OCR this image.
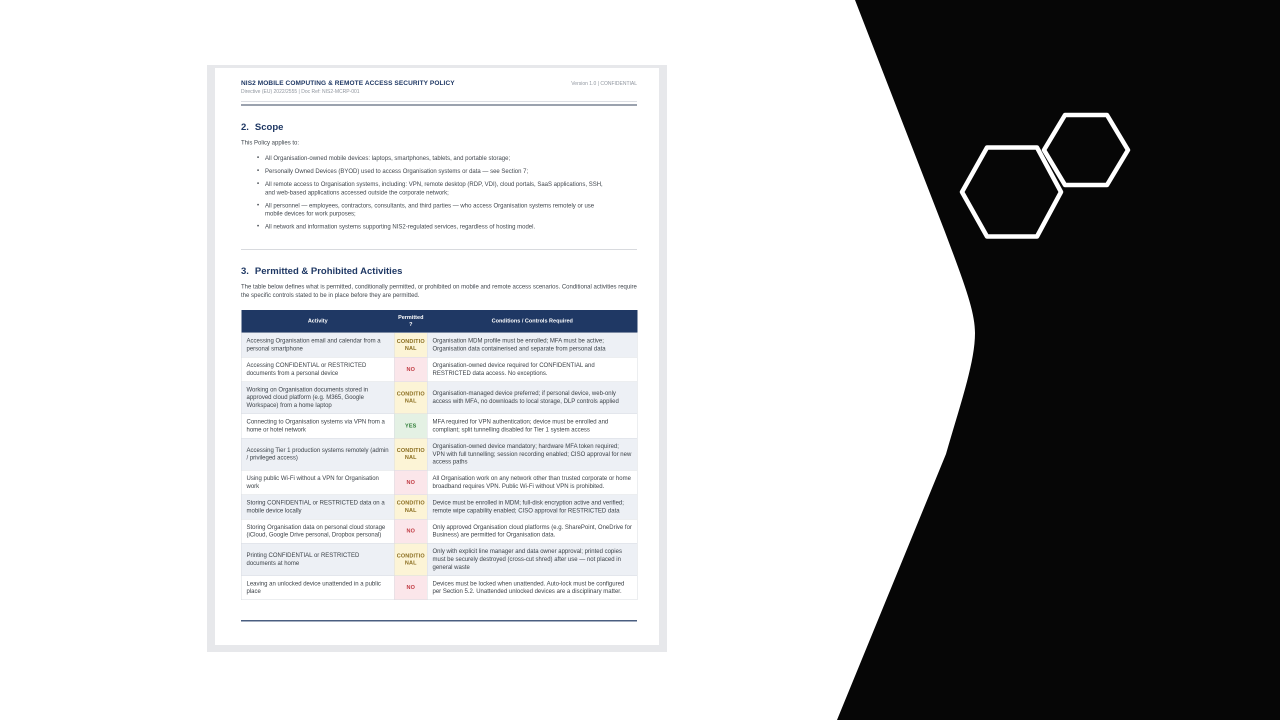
NIS2 MOBILE COMPUTING & REMOTE ACCESS SECURITY POLICY
Directive (EU) 2022/2555 | Doc Ref: NIS2-MCRP-001
Version 1.0 | CONFIDENTIAL
2. Scope

This Policy applies to:

• All Organisation-owned mobile devices: laptops, smartphones, tablets, and portable storage;
• Personally Owned Devices (BYOD) used to access Organisation systems or data — see Section 7;
• All remote access to Organisation systems, including: VPN, remote desktop (RDP, VDI), cloud portals, SaaS applications, SSH, and web-based applications accessed outside the corporate network;
• All personnel — employees, contractors, consultants, and third parties — who access Organisation systems remotely or use mobile devices for work purposes;
• All network and information systems supporting NIS2-regulated services, regardless of hosting model.
3. Permitted & Prohibited Activities

The table below defines what is permitted, conditionally permitted, or prohibited on mobile and remote access scenarios. Conditional activities require the specific controls stated to be in place before they are permitted.

Activity	Permitted?	Conditions / Controls Required
Accessing Organisation email and calendar from a personal smartphone	CONDITIONAL	Organisation MDM profile must be enrolled; MFA must be active; Organisation data containerised and separate from personal data
Accessing CONFIDENTIAL or RESTRICTED documents from a personal device	NO	Organisation-owned device required for CONFIDENTIAL and RESTRICTED data access. No exceptions.
Working on Organisation documents stored in approved cloud platform (e.g. M365, Google Workspace) from a home laptop	CONDITIONAL	Organisation-managed device preferred; if personal device, web-only access with MFA, no downloads to local storage, DLP controls applied
Connecting to Organisation systems via VPN from a home or hotel network	YES	MFA required for VPN authentication; device must be enrolled and compliant; split tunnelling disabled for Tier 1 system access
Accessing Tier 1 production systems remotely (admin / privileged access)	CONDITIONAL	Organisation-owned device mandatory; hardware MFA token required; VPN with full tunnelling; session recording enabled; CISO approval for new access paths
Using public Wi-Fi without a VPN for Organisation work	NO	All Organisation work on any network other than trusted corporate or home broadband requires VPN. Public Wi-Fi without VPN is prohibited.
Storing CONFIDENTIAL or RESTRICTED data on a mobile device locally	CONDITIONAL	Device must be enrolled in MDM; full-disk encryption active and verified; remote wipe capability enabled; CISO approval for RESTRICTED data
Storing Organisation data on personal cloud storage (iCloud, Google Drive personal, Dropbox personal)	NO	Only approved Organisation cloud platforms (e.g. SharePoint, OneDrive for Business) are permitted for Organisation data.
Printing CONFIDENTIAL or RESTRICTED documents at home	CONDITIONAL	Only with explicit line manager and data owner approval; printed copies must be securely destroyed (cross-cut shred) after use — not placed in general waste
Leaving an unlocked device unattended in a public place	NO	Devices must be locked when unattended. Auto-lock must be configured per Section 5.2. Unattended unlocked devices are a disciplinary matter.
